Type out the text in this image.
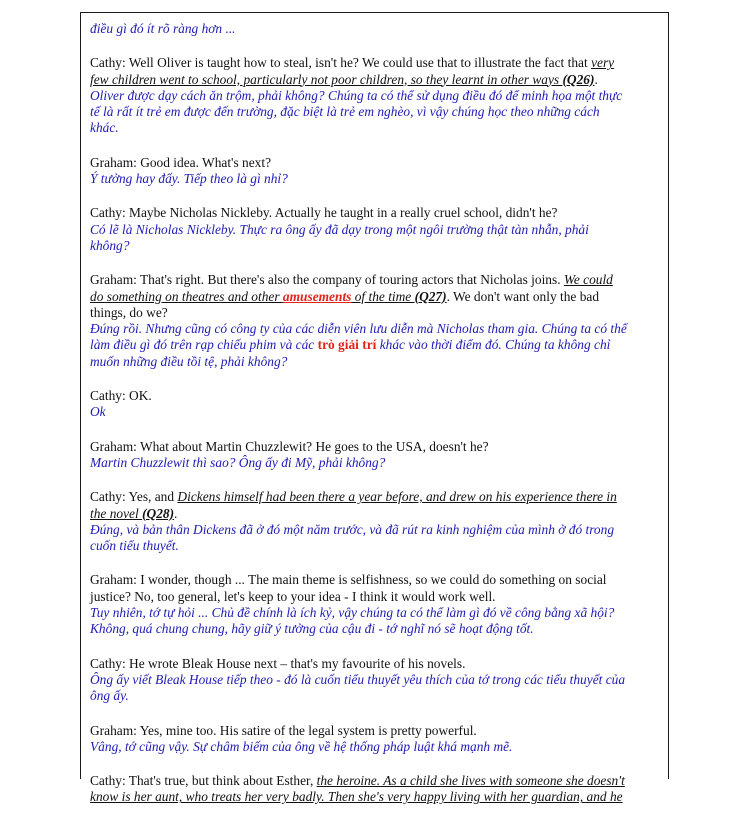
điều gì đó ít rõ ràng hơn ...
Cathy: Well Oliver is taught how to steal, isn't he? We could use that to illustrate the fact that very
few children went to school, particularly not poor children, so they learnt in other ways (Q26).
Oliver được dạy cách ăn trộm, phải không? Chúng ta có thể sử dụng điều đó để minh họa một thực
tế là rất ít trẻ em được đến trường, đặc biệt là trẻ em nghèo, vì vậy chúng học theo những cách
khác.
Graham: Good idea. What's next?
Ý tưởng hay đấy. Tiếp theo là gì nhỉ?
Cathy: Maybe Nicholas Nickleby. Actually he taught in a really cruel school, didn't he?
Có lẽ là Nicholas Nickleby. Thực ra ông ấy đã dạy trong một ngôi trường thật tàn nhẫn, phải
không?
Graham: That's right. But there's also the company of touring actors that Nicholas joins. We could
do something on theatres and other amusements of the time (Q27). We don't want only the bad
things, do we?
Đúng rồi. Nhưng cũng có công ty của các diễn viên lưu diễn mà Nicholas tham gia. Chúng ta có thể
làm điều gì đó trên rạp chiếu phim và các trò giải trí khác vào thời điểm đó. Chúng ta không chỉ
muốn những điều tồi tệ, phải không?
Cathy: OK.
Ok
Graham: What about Martin Chuzzlewit? He goes to the USA, doesn't he?
Martin Chuzzlewit thì sao? Ông ấy đi Mỹ, phải không?
Cathy: Yes, and Dickens himself had been there a year before, and drew on his experience there in
the novel (Q28).
Đúng, và bản thân Dickens đã ở đó một năm trước, và đã rút ra kinh nghiệm của mình ở đó trong
cuốn tiểu thuyết.
Graham: I wonder, though ... The main theme is selfishness, so we could do something on social
justice? No, too general, let's keep to your idea - I think it would work well.
Tuy nhiên, tớ tự hỏi ... Chủ đề chính là ích kỷ, vậy chúng ta có thể làm gì đó về công bằng xã hội?
Không, quá chung chung, hãy giữ ý tưởng của cậu đi - tớ nghĩ nó sẽ hoạt động tốt.
Cathy: He wrote Bleak House next – that's my favourite of his novels.
Ông ấy viết Bleak House tiếp theo - đó là cuốn tiểu thuyết yêu thích của tớ trong các tiểu thuyết của
ông ấy.
Graham: Yes, mine too. His satire of the legal system is pretty powerful.
Vâng, tớ cũng vậy. Sự châm biếm của ông về hệ thống pháp luật khá mạnh mẽ.
Cathy: That's true, but think about Esther, the heroine. As a child she lives with someone she doesn't
know is her aunt, who treats her very badly. Then she's very happy living with her guardian, and he
